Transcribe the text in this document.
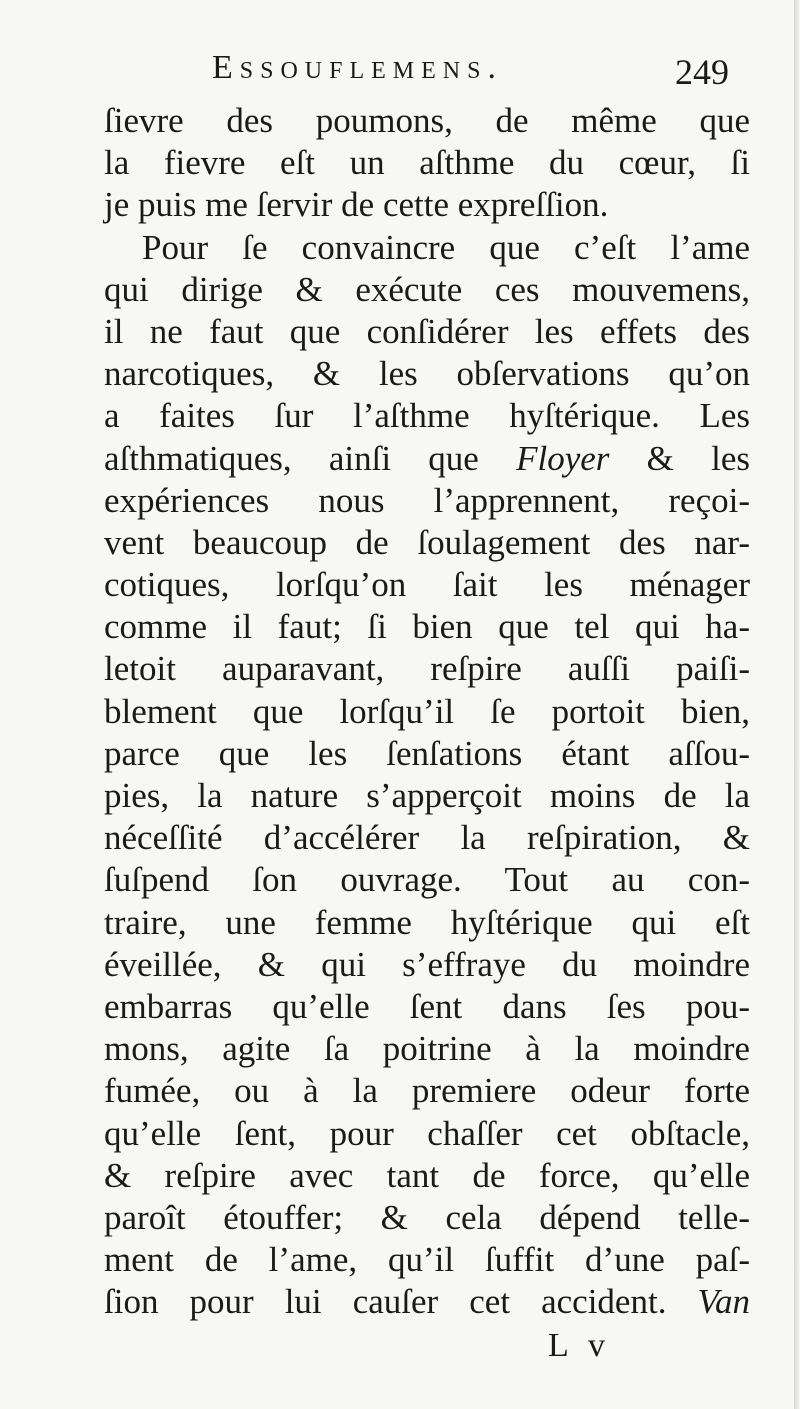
Essouflemens.	249
ſievre des poumons, de même que
la fievre eſt un aſthme du cœur, ſi
je puis me ſervir de cette expreſſion.
Pour ſe convaincre que c’eſt l’ame
qui dirige & exécute ces mouvemens,
il ne faut que conſidérer les effets des
narcotiques, & les obſervations qu’on
a faites ſur l’aſthme hyſtérique. Les
aſthmatiques, ainſi que Floyer & les
expériences nous l’apprennent, reçoi-
vent beaucoup de ſoulagement des nar-
cotiques, lorſqu’on ſait les ménager
comme il faut; ſi bien que tel qui ha-
letoit auparavant, reſpire auſſi paiſi-
blement que lorſqu’il ſe portoit bien,
parce que les ſenſations étant aſſou-
pies, la nature s’apperçoit moins de la
néceſſité d’accélérer la reſpiration, &
ſuſpend ſon ouvrage. Tout au con-
traire, une femme hyſtérique qui eſt
éveillée, & qui s’effraye du moindre
embarras qu’elle ſent dans ſes pou-
mons, agite ſa poitrine à la moindre
fumée, ou à la premiere odeur forte
qu’elle ſent, pour chaſſer cet obſtacle,
& reſpire avec tant de force, qu’elle
paroît étouffer; & cela dépend telle-
ment de l’ame, qu’il ſuffit d’une paſ-
ſion pour lui cauſer cet accident. Van
L v
